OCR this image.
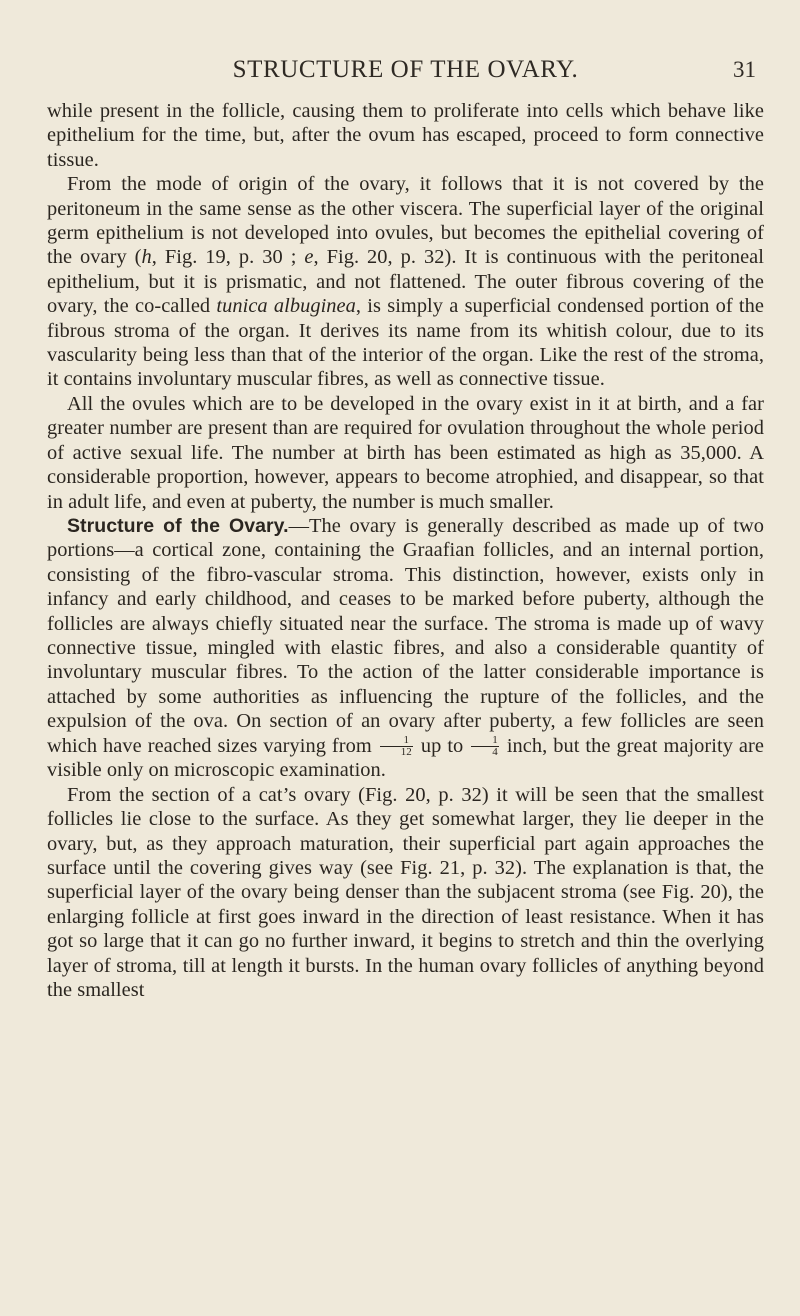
STRUCTURE OF THE OVARY.	31

while present in the follicle, causing them to proliferate into cells which behave like epithelium for the time, but, after the ovum has escaped, proceed to form connective tissue.

From the mode of origin of the ovary, it follows that it is not covered by the peritoneum in the same sense as the other viscera. The superficial layer of the original germ epithelium is not developed into ovules, but becomes the epithelial covering of the ovary (h, Fig. 19, p. 30 ; e, Fig. 20, p. 32). It is continuous with the peritoneal epithelium, but it is prismatic, and not flattened. The outer fibrous covering of the ovary, the co-called tunica albuginea, is simply a superficial condensed portion of the fibrous stroma of the organ. It derives its name from its whitish colour, due to its vascularity being less than that of the interior of the organ. Like the rest of the stroma, it contains involuntary muscular fibres, as well as connective tissue.

All the ovules which are to be developed in the ovary exist in it at birth, and a far greater number are present than are required for ovulation throughout the whole period of active sexual life. The number at birth has been estimated as high as 35,000. A considerable proportion, however, appears to become atrophied, and disappear, so that in adult life, and even at puberty, the number is much smaller.

Structure of the Ovary.—The ovary is generally described as made up of two portions—a cortical zone, containing the Graafian follicles, and an internal portion, consisting of the fibro-vascular stroma. This distinction, however, exists only in infancy and early childhood, and ceases to be marked before puberty, although the follicles are always chiefly situated near the surface. The stroma is made up of wavy connective tissue, mingled with elastic fibres, and also a considerable quantity of involuntary muscular fibres. To the action of the latter considerable importance is attached by some authorities as influencing the rupture of the follicles, and the expulsion of the ova. On section of an ovary after puberty, a few follicles are seen which have reached sizes varying from $\frac{1}{12}$ up to $\frac{1}{4}$ inch, but the great majority are visible only on microscopic examination.

From the section of a cat’s ovary (Fig. 20, p. 32) it will be seen that the smallest follicles lie close to the surface. As they get somewhat larger, they lie deeper in the ovary, but, as they approach maturation, their superficial part again approaches the surface until the covering gives way (see Fig. 21, p. 32). The explanation is that, the superficial layer of the ovary being denser than the subjacent stroma (see Fig. 20), the enlarging follicle at first goes inward in the direction of least resistance. When it has got so large that it can go no further inward, it begins to stretch and thin the overlying layer of stroma, till at length it bursts. In the human ovary follicles of anything beyond the smallest
